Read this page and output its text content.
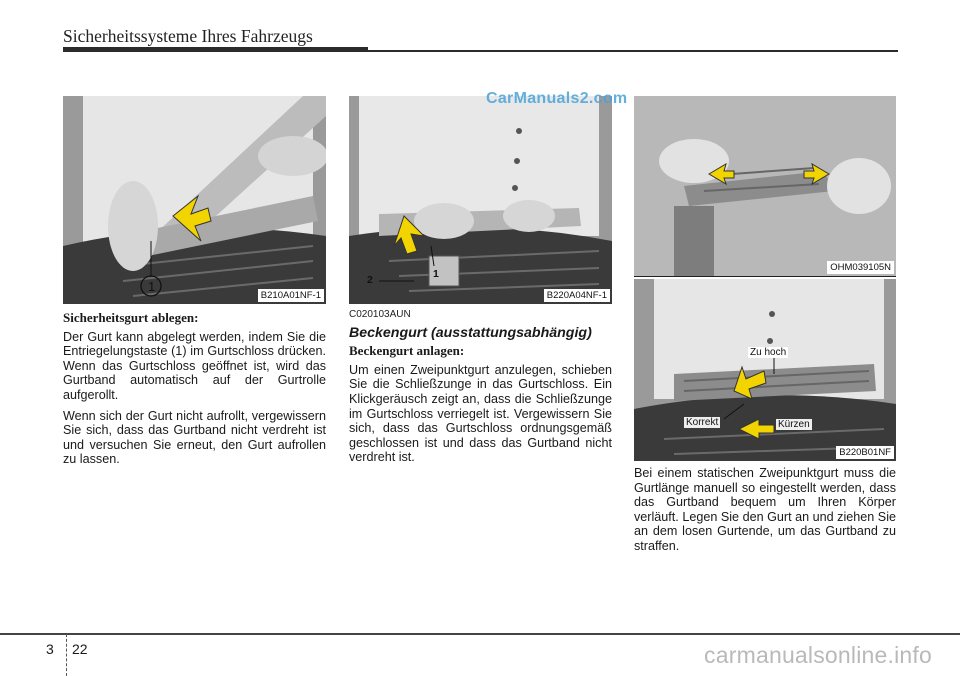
Sicherheitssysteme Ihres Fahrzeugs
1
B210A01NF-1
2	1
B220A04NF-1
OHM039105N
Zu hoch
Korrekt	Kürzen
B220B01NF
CarManuals2.com
Sicherheitsgurt ablegen:

Der Gurt kann abgelegt werden, indem Sie die Entriegelungstaste (1) im Gurtschloss drücken. Wenn das Gurtschloss geöffnet ist, wird das Gurtband automatisch auf der Gurtrolle aufgerollt.

Wenn sich der Gurt nicht aufrollt, vergewissern Sie sich, dass das Gurtband nicht verdreht ist und versuchen Sie erneut, den Gurt aufrollen zu lassen.

C020103AUN
Beckengurt (ausstattungsabhängig)
Beckengurt anlagen:

Um einen Zweipunktgurt anzulegen, schieben Sie die Schließzunge in das Gurtschloss. Ein Klickgeräusch zeigt an, dass die Schließzunge im Gurtschloss verriegelt ist. Vergewissern Sie sich, dass das Gurtschloss ordnungsgemäß geschlossen ist und dass das Gurtband nicht verdreht ist.

Bei einem statischen Zweipunktgurt muss die Gurtlänge manuell so eingestellt werden, dass das Gurtband bequem um Ihren Körper verläuft. Legen Sie den Gurt an und ziehen Sie an dem losen Gurtende, um das Gurtband zu straffen.

3 22	carmanualsonline.info
